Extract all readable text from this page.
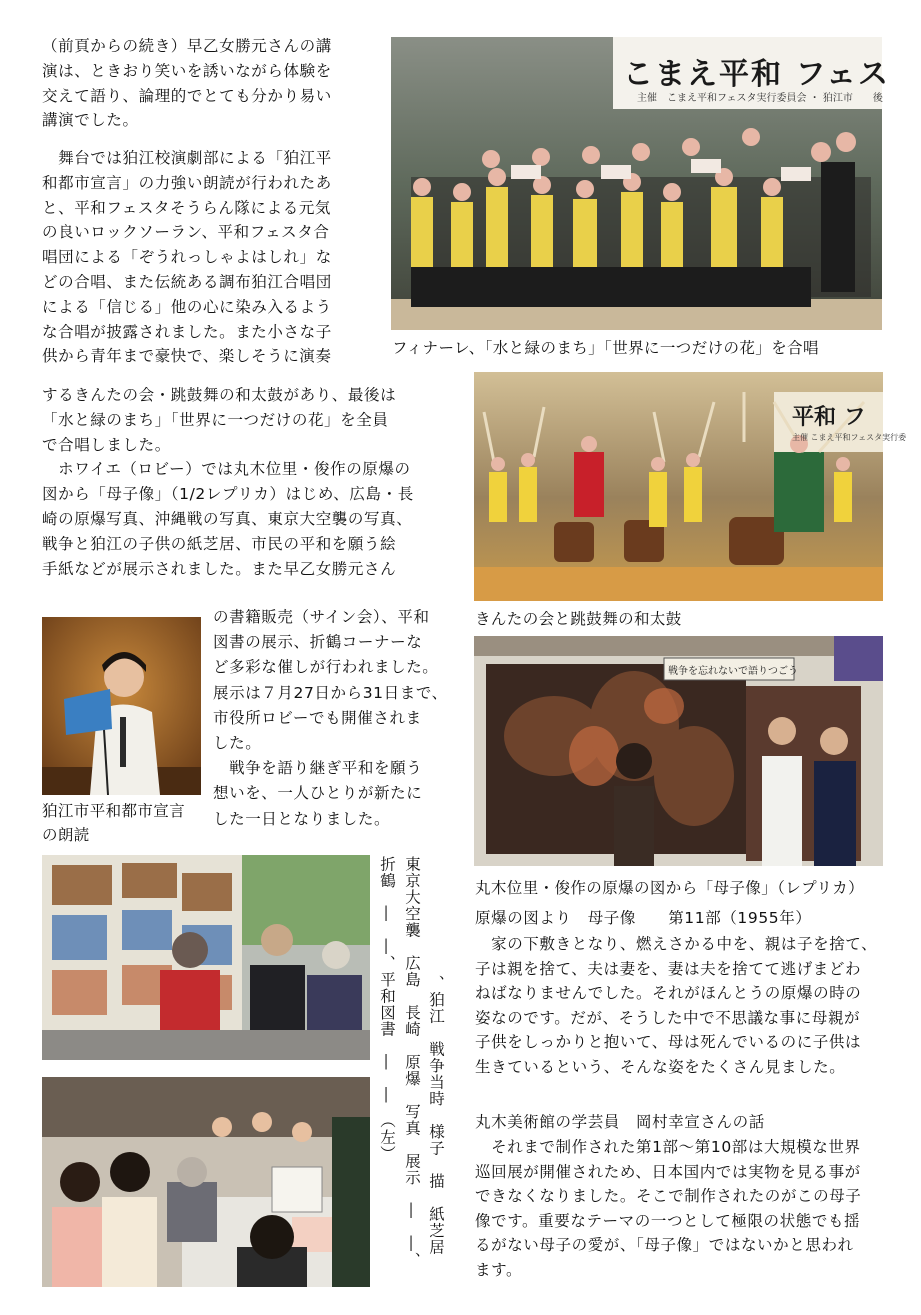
（前頁からの続き）早乙女勝元さんの講
演は、ときおり笑いを誘いながら体験を
交えて語り、論理的でとても分かり易い
講演でした。
　舞台では狛江校演劇部による「狛江平
和都市宣言」の力強い朗読が行われたあ
と、平和フェスタそうらん隊による元気
の良いロックソーラン、平和フェスタ合
唱団による「ぞうれっしゃよはしれ」な
どの合唱、また伝統ある調布狛江合唱団
による「信じる」他の心に染み入るよう
な合唱が披露されました。また小さな子
供から青年まで豪快で、楽しそうに演奏
するきんたの会・跳鼓舞の和太鼓があり、最後は
「水と緑のまち」「世界に一つだけの花」を全員
で合唱しました。
　ホワイエ（ロビー）では丸木位里・俊作の原爆の
図から「母子像」（1/2レプリカ）はじめ、広島・長
崎の原爆写真、沖縄戦の写真、東京大空襲の写真、
戦争と狛江の子供の紙芝居、市民の平和を願う絵
手紙などが展示されました。また早乙女勝元さん
の書籍販売（サイン会）、平和
図書の展示、折鶴コーナーな
ど多彩な催しが行われました。
展示は７月27日から31日まで、
市役所ロビーでも開催されま
した。
　戦争を語り継ぎ平和を願う
想いを、一人ひとりが新たに
した一日となりました。
こまえ平和 フェス
主催　こまえ平和フェスタ実行委員会 ・ 狛江市　　後
フィナーレ、「水と緑のまち」「世界に一つだけの花」を合唱
平和 フ
主催 こまえ平和フェスタ実行委
きんたの会と跳鼓舞の和太鼓
狛江市平和都市宣言
の朗読
戦争を忘れないで語りつごう
丸木位里・俊作の原爆の図から「母子像」（レプリカ）
、狛江　戦争当時　様子　描　紙芝居
東京大空襲　広島　長崎　原爆　写真　展示　―　―、
折鶴　―　―、平和図書　―　―　（左）	原爆の図より　母子像　　第11部（1955年）
　家の下敷きとなり、燃えさかる中を、親は子を捨て、
子は親を捨て、夫は妻を、妻は夫を捨てて逃げまどわ
ねばなりませんでした。それがほんとうの原爆の時の
姿なのです。だが、そうした中で不思議な事に母親が
子供をしっかりと抱いて、母は死んでいるのに子供は
生きているという、そんな姿をたくさん見ました。
丸木美術館の学芸員　岡村幸宣さんの話
　それまで制作された第1部～第10部は大規模な世界
巡回展が開催されため、日本国内では実物を見る事が
できなくなりました。そこで制作されたのがこの母子
像です。重要なテーマの一つとして極限の状態でも揺
るがない母子の愛が、「母子像」ではないかと思われ
ます。
